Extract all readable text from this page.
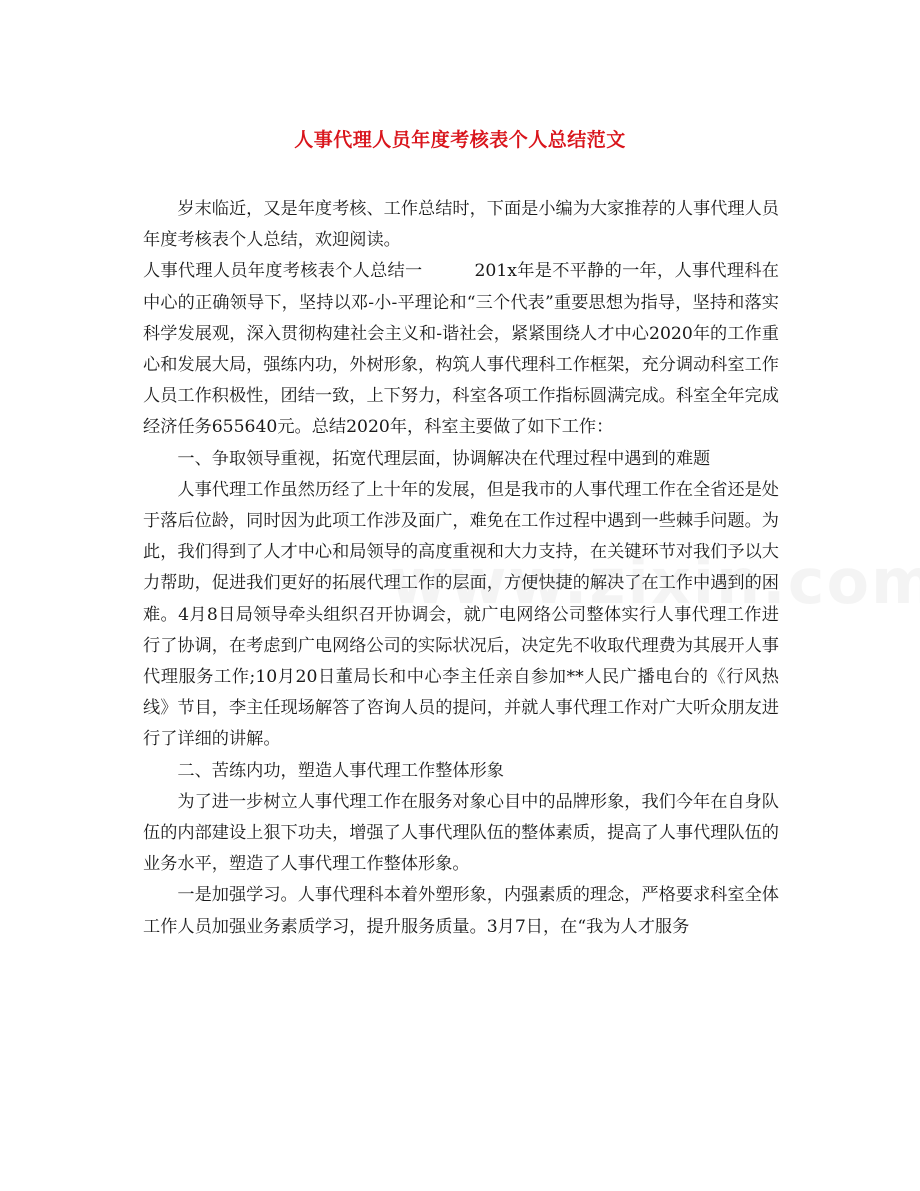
人事代理人员年度考核表个人总结范文

岁末临近，又是年度考核、工作总结时，下面是小编为大家推荐的人事代理人员年度考核表个人总结，欢迎阅读。

人事代理人员年度考核表个人总结一	201x年是不平静的一年，人事代理科在中心的正确领导下，坚持以邓-小-平理论和“三个代表”重要思想为指导，坚持和落实科学发展观，深入贯彻构建社会主义和-谐社会，紧紧围绕人才中心2020年的工作重心和发展大局，强练内功，外树形象，构筑人事代理科工作框架，充分调动科室工作人员工作积极性，团结一致，上下努力，科室各项工作指标圆满完成。科室全年完成经济任务655640元。总结2020年，科室主要做了如下工作：

一、争取领导重视，拓宽代理层面，协调解决在代理过程中遇到的难题

人事代理工作虽然历经了上十年的发展，但是我市的人事代理工作在全省还是处于落后位龄，同时因为此项工作涉及面广，难免在工作过程中遇到一些棘手问题。为此，我们得到了人才中心和局领导的高度重视和大力支持，在关键环节对我们予以大力帮助，促进我们更好的拓展代理工作的层面，方便快捷的解决了在工作中遇到的困难。4月8日局领导牵头组织召开协调会，就广电网络公司整体实行人事代理工作进行了协调，在考虑到广电网络公司的实际状况后，决定先不收取代理费为其展开人事代理服务工作;10月20日董局长和中心李主任亲自参加**人民广播电台的《行风热线》节目，李主任现场解答了咨询人员的提问，并就人事代理工作对广大听众朋友进行了详细的讲解。

二、苦练内功，塑造人事代理工作整体形象

为了进一步树立人事代理工作在服务对象心目中的品牌形象，我们今年在自身队伍的内部建设上狠下功夫，增强了人事代理队伍的整体素质，提高了人事代理队伍的业务水平，塑造了人事代理工作整体形象。

一是加强学习。人事代理科本着外塑形象，内强素质的理念，严格要求科室全体工作人员加强业务素质学习，提升服务质量。3月7日，在“我为人才服务
